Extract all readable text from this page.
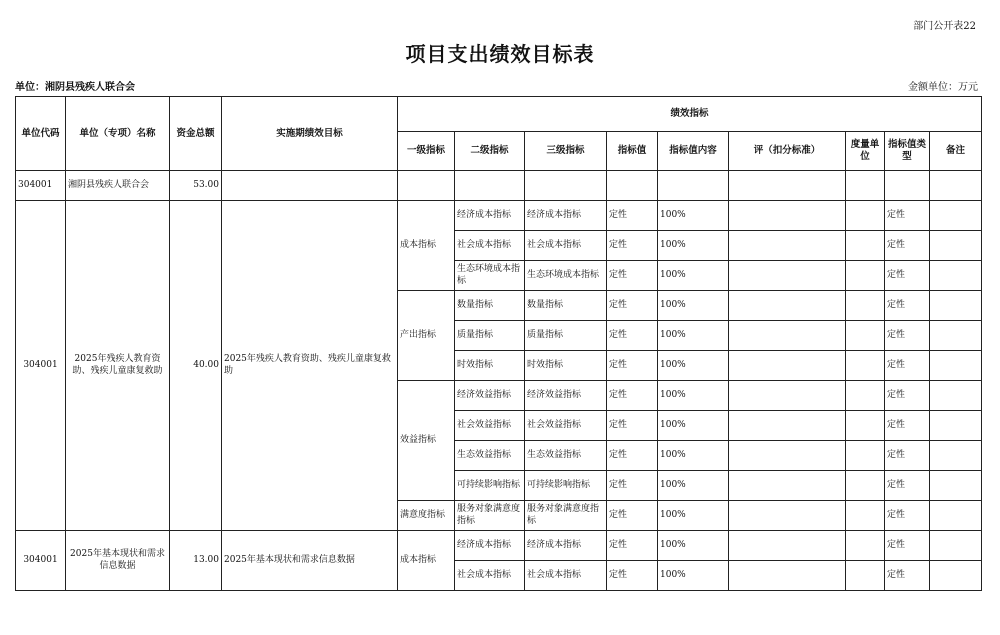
部门公开表22
项目支出绩效目标表
单位：湘阴县残疾人联合会	金额单位：万元
单位代码	单位（专项）名称	资金总额	实施期绩效目标	绩效指标								
				一级指标	二级指标	三级指标	指标值	指标值内容	评（扣分标准）	度量单位	指标值类型	备注
304001	湘阴县残疾人联合会	53.00										
304001	2025年残疾人教育资助、残疾儿童康复救助	40.00	2025年残疾人教育资助、残疾儿童康复救助	成本指标	经济成本指标	经济成本指标	定性	100%			定性	
					社会成本指标	社会成本指标	定性	100%			定性	
					生态环境成本指标	生态环境成本指标	定性	100%			定性	
				产出指标	数量指标	数量指标	定性	100%			定性	
					质量指标	质量指标	定性	100%			定性	
					时效指标	时效指标	定性	100%			定性	
				效益指标	经济效益指标	经济效益指标	定性	100%			定性	
					社会效益指标	社会效益指标	定性	100%			定性	
					生态效益指标	生态效益指标	定性	100%			定性	
					可持续影响指标	可持续影响指标	定性	100%			定性	
				满意度指标	服务对象满意度指标	服务对象满意度指标	定性	100%			定性	
304001	2025年基本现状和需求信息数据	13.00	2025年基本现状和需求信息数据	成本指标	经济成本指标	经济成本指标	定性	100%			定性	
					社会成本指标	社会成本指标	定性	100%			定性	
